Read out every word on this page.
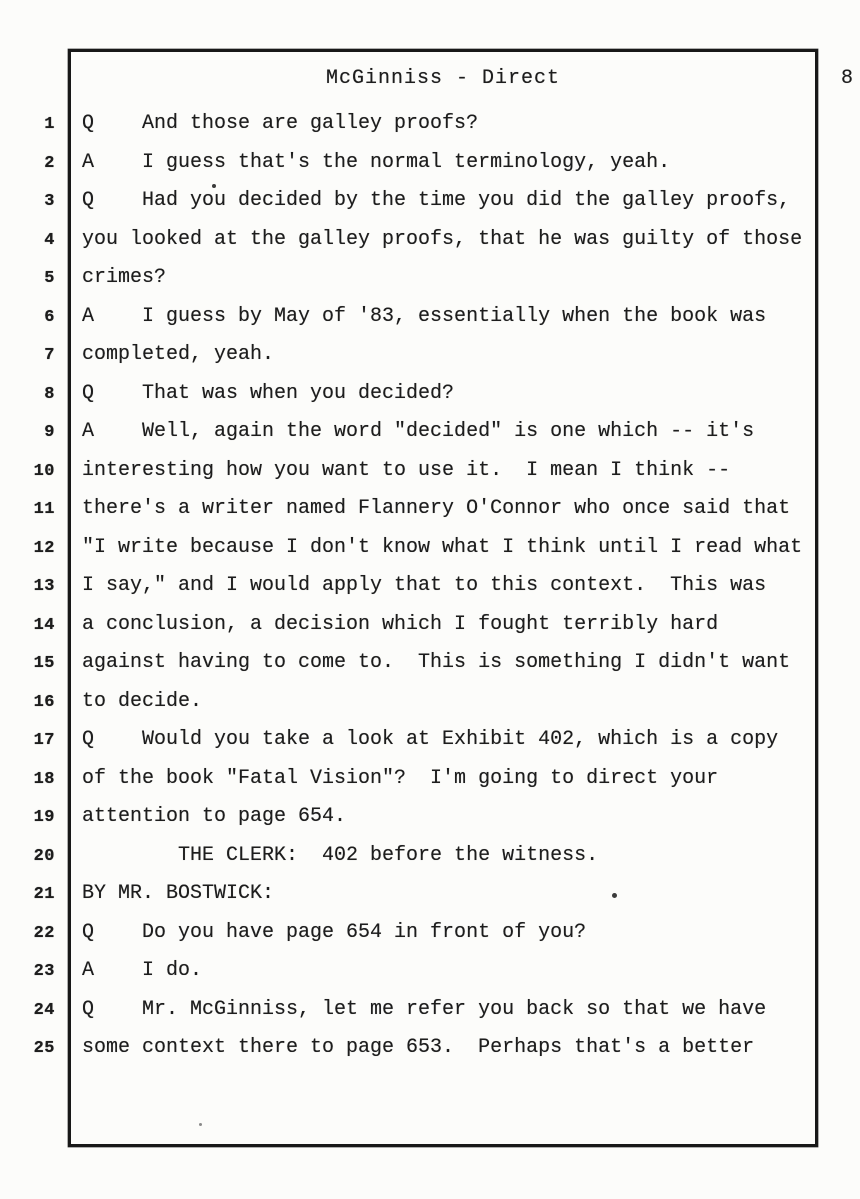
McGinniss - Direct	8
1 Q    And those are galley proofs?
2 A    I guess that's the normal terminology, yeah.
3 Q    Had you decided by the time you did the galley proofs,
4 you looked at the galley proofs, that he was guilty of those
5 crimes?
6 A    I guess by May of '83, essentially when the book was
7 completed, yeah.
8 Q    That was when you decided?
9 A    Well, again the word "decided" is one which -- it's
10 interesting how you want to use it.  I mean I think --
11 there's a writer named Flannery O'Connor who once said that
12 "I write because I don't know what I think until I read what
13 I say," and I would apply that to this context.  This was
14 a conclusion, a decision which I fought terribly hard
15 against having to come to.  This is something I didn't want
16 to decide.
17 Q    Would you take a look at Exhibit 402, which is a copy
18 of the book "Fatal Vision"?  I'm going to direct your
19 attention to page 654.
20 THE CLERK:  402 before the witness.
21 BY MR. BOSTWICK:
22 Q    Do you have page 654 in front of you?
23 A    I do.
24 Q    Mr. McGinniss, let me refer you back so that we have
25 some context there to page 653.  Perhaps that's a better
